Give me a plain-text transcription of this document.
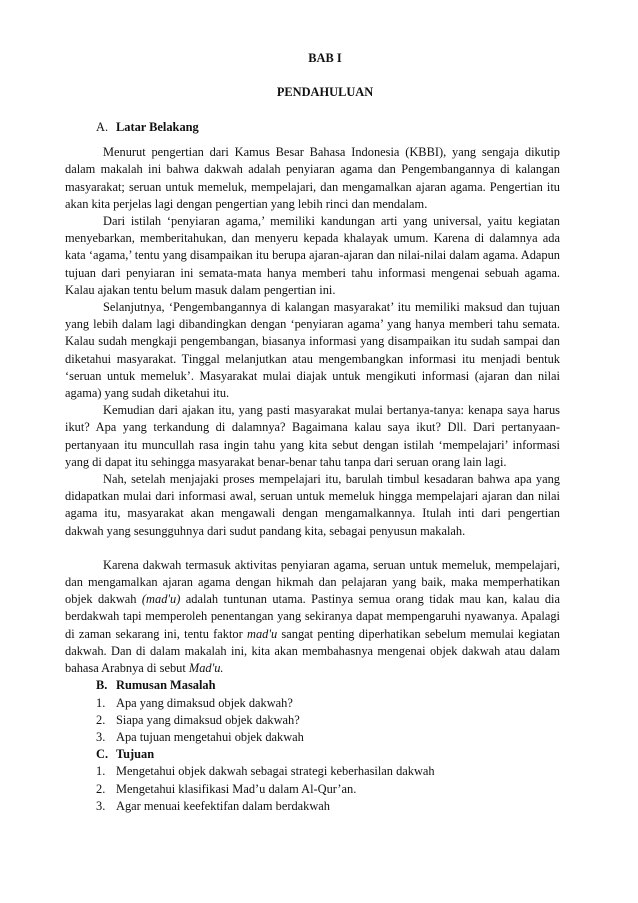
BAB I
PENDAHULUAN
A. Latar Belakang

Menurut pengertian dari Kamus Besar Bahasa Indonesia (KBBI), yang sengaja dikutip dalam makalah ini bahwa dakwah adalah penyiaran agama dan Pengembangannya di kalangan masyarakat; seruan untuk memeluk, mempelajari, dan mengamalkan ajaran agama. Pengertian itu akan kita perjelas lagi dengan pengertian yang lebih rinci dan mendalam.

Dari istilah ‘penyiaran agama,’ memiliki kandungan arti yang universal, yaitu kegiatan menyebarkan, memberitahukan, dan menyeru kepada khalayak umum. Karena di dalamnya ada kata ‘agama,’ tentu yang disampaikan itu berupa ajaran-ajaran dan nilai-nilai dalam agama. Adapun tujuan dari penyiaran ini semata-mata hanya memberi tahu informasi mengenai sebuah agama. Kalau ajakan tentu belum masuk dalam pengertian ini.

Selanjutnya, ‘Pengembangannya di kalangan masyarakat’ itu memiliki maksud dan tujuan yang lebih dalam lagi dibandingkan dengan ‘penyiaran agama’ yang hanya memberi tahu semata. Kalau sudah mengkaji pengembangan, biasanya informasi yang disampaikan itu sudah sampai dan diketahui masyarakat. Tinggal melanjutkan atau mengembangkan informasi itu menjadi bentuk ‘seruan untuk memeluk’. Masyarakat mulai diajak untuk mengikuti informasi (ajaran dan nilai agama) yang sudah diketahui itu.

Kemudian dari ajakan itu, yang pasti masyarakat mulai bertanya-tanya: kenapa saya harus ikut? Apa yang terkandung di dalamnya? Bagaimana kalau saya ikut? Dll. Dari pertanyaan-pertanyaan itu muncullah rasa ingin tahu yang kita sebut dengan istilah ‘mempelajari’ informasi yang di dapat itu sehingga masyarakat benar-benar tahu tanpa dari seruan orang lain lagi.

Nah, setelah menjajaki proses mempelajari itu, barulah timbul kesadaran bahwa apa yang didapatkan mulai dari informasi awal, seruan untuk memeluk hingga mempelajari ajaran dan nilai agama itu, masyarakat akan mengawali dengan mengamalkannya. Itulah inti dari pengertian dakwah yang sesungguhnya dari sudut pandang kita, sebagai penyusun makalah.

Karena dakwah termasuk aktivitas penyiaran agama, seruan untuk memeluk, mempelajari, dan mengamalkan ajaran agama dengan hikmah dan pelajaran yang baik, maka memperhatikan objek dakwah (mad'u) adalah tuntunan utama. Pastinya semua orang tidak mau kan, kalau dia berdakwah tapi memperoleh penentangan yang sekiranya dapat mempengaruhi nyawanya. Apalagi di zaman sekarang ini, tentu faktor mad'u sangat penting diperhatikan sebelum memulai kegiatan dakwah. Dan di dalam makalah ini, kita akan membahasnya mengenai objek dakwah atau dalam bahasa Arabnya di sebut Mad'u.

B. Rumusan Masalah
1. Apa yang dimaksud objek dakwah?
2. Siapa yang dimaksud objek dakwah?
3. Apa tujuan mengetahui objek dakwah
C. Tujuan
1. Mengetahui objek dakwah sebagai strategi keberhasilan dakwah
2. Mengetahui klasifikasi Mad’u dalam Al-Qur’an.
3. Agar menuai keefektifan dalam berdakwah
